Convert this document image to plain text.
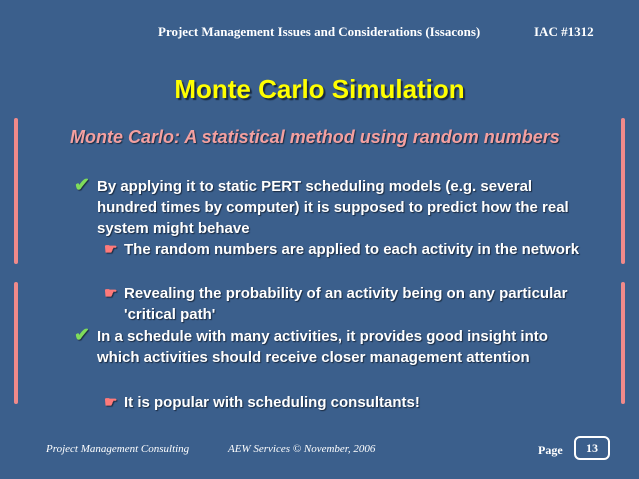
Project Management Issues and Considerations (Issacons)	IAC #1312
Monte Carlo Simulation
Monte Carlo: A statistical method using random numbers
✔ By applying it to static PERT scheduling models (e.g. several hundred times by computer) it is supposed to predict how the real system might behave
☛ The random numbers are applied to each activity in the network
☛ Revealing the probability of an activity being on any particular 'critical path'
✔ In a schedule with many activities, it provides good insight into which activities should receive closer management attention
☛ It is popular with scheduling consultants!
Project Management Consulting	AEW Services © November, 2006	Page	13
